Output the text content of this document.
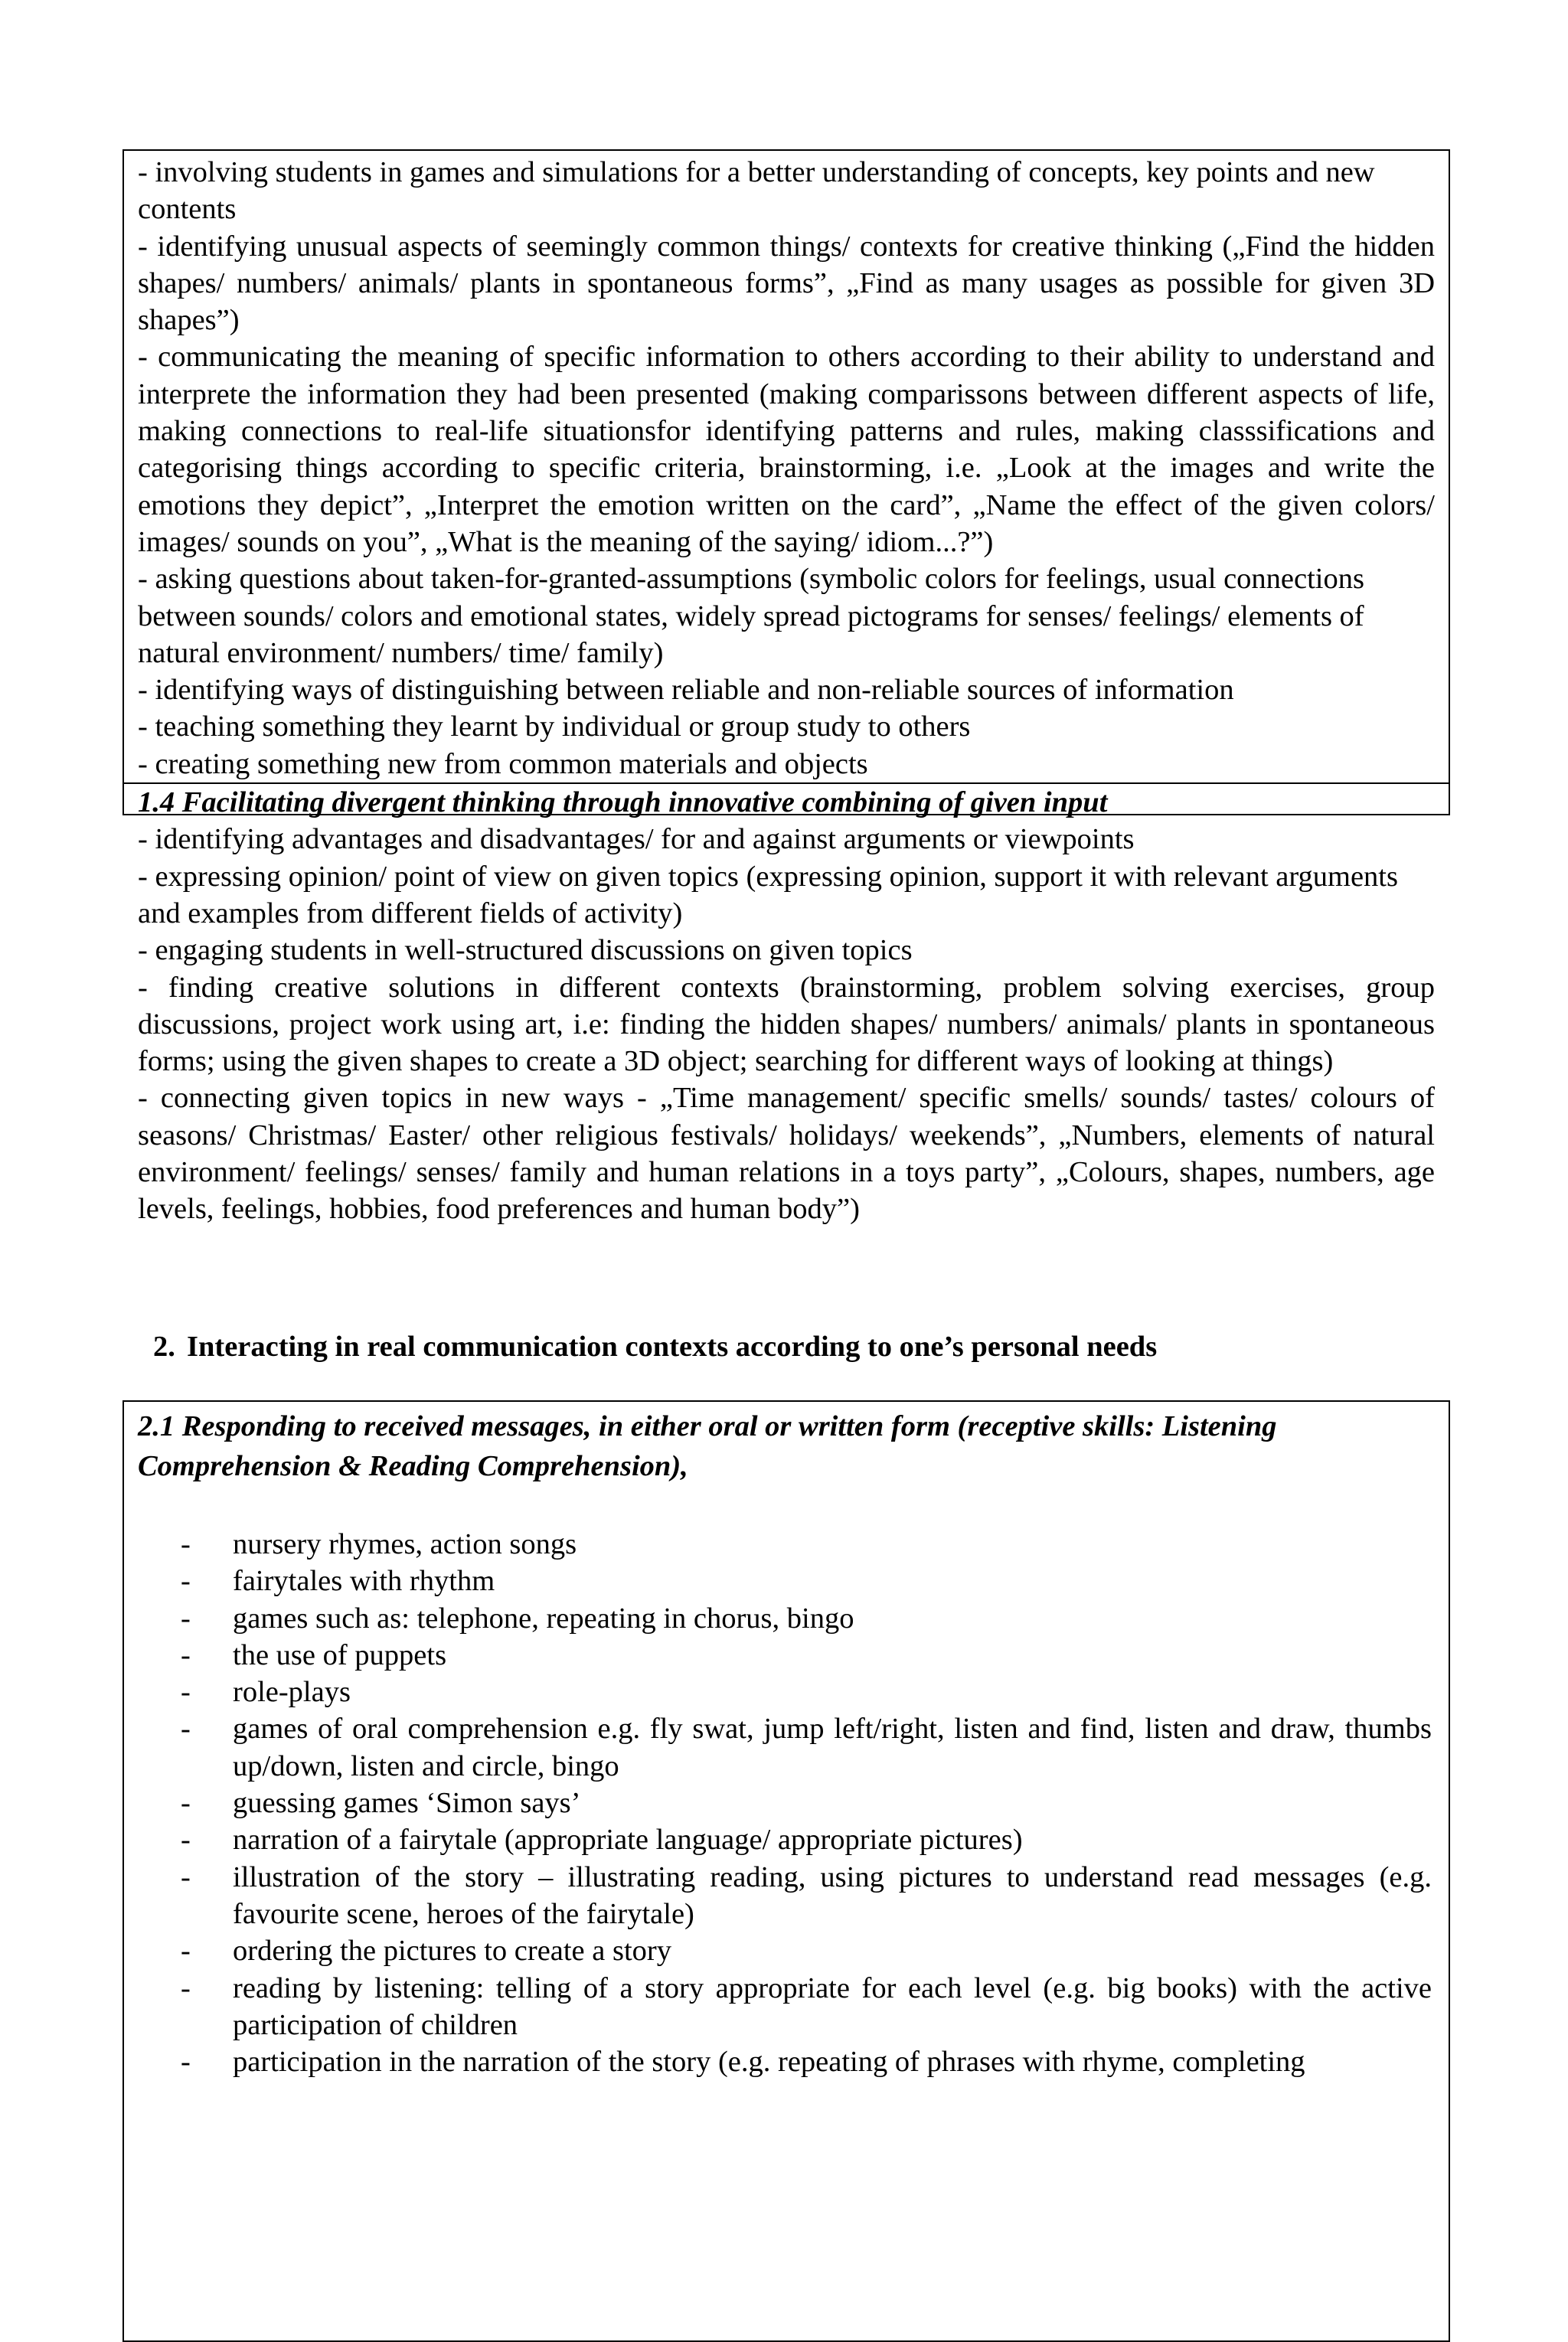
- involving students in games and simulations for a better understanding of concepts, key points and new contents

- identifying unusual aspects of seemingly common things/ contexts for creative thinking („Find the hidden shapes/ numbers/ animals/ plants in spontaneous forms”, „Find as many usages as possible for given 3D shapes”)

- communicating the meaning of specific information to others according to their ability to understand and interprete the information they had been presented (making comparissons between different aspects of life, making connections to real-life situationsfor identifying patterns and rules, making classsifications and categorising things according to specific criteria, brainstorming, i.e. „Look at the images and write the emotions they depict”, „Interpret the emotion written on the card”, „Name the effect of the given colors/ images/ sounds on you”, „What is the meaning of the saying/ idiom...?”)

- asking questions about taken-for-granted-assumptions (symbolic colors for feelings, usual connections between sounds/ colors and emotional states, widely spread pictograms for senses/ feelings/ elements of natural environment/ numbers/ time/ family)

- identifying ways of distinguishing between reliable and non-reliable sources of information

- teaching something they learnt by individual or group study to others

- creating something new from common materials and objects

1.4 Facilitating divergent thinking through innovative combining of given input

- identifying advantages and disadvantages/ for and against arguments or viewpoints

- expressing opinion/ point of view on given topics (expressing opinion, support it with relevant arguments and examples from different fields of activity)

- engaging students in well-structured discussions on given topics

- finding creative solutions in different contexts (brainstorming, problem solving exercises, group discussions, project work using art, i.e: finding the hidden shapes/ numbers/ animals/ plants in spontaneous forms; using the given shapes to create a 3D object; searching for different ways of looking at things)

- connecting given topics in new ways - „Time management/ specific smells/ sounds/ tastes/ colours of seasons/ Christmas/ Easter/ other religious festivals/ holidays/ weekends”, „Numbers, elements of natural environment/ feelings/ senses/ family and human relations in a toys party”, „Colours, shapes, numbers, age levels, feelings, hobbies, food preferences and human body”)

2. Interacting in real communication contexts according to one’s personal needs

2.1 Responding to received messages, in either oral or written form (receptive skills: Listening Comprehension & Reading Comprehension),

- nursery rhymes, action songs
- fairytales with rhythm
- games such as: telephone, repeating in chorus, bingo
- the use of puppets
- role-plays
- games of oral comprehension e.g. fly swat, jump left/right, listen and find, listen and draw, thumbs up/down, listen and circle, bingo
- guessing games ‘Simon says’
- narration of a fairytale (appropriate language/ appropriate pictures)
- illustration of the story – illustrating reading, using pictures to understand read messages (e.g. favourite scene, heroes of the fairytale)
- ordering the pictures to create a story
- reading by listening: telling of a story appropriate for each level (e.g. big books) with the active participation of children
- participation in the narration of the story (e.g. repeating of phrases with rhyme, completing
